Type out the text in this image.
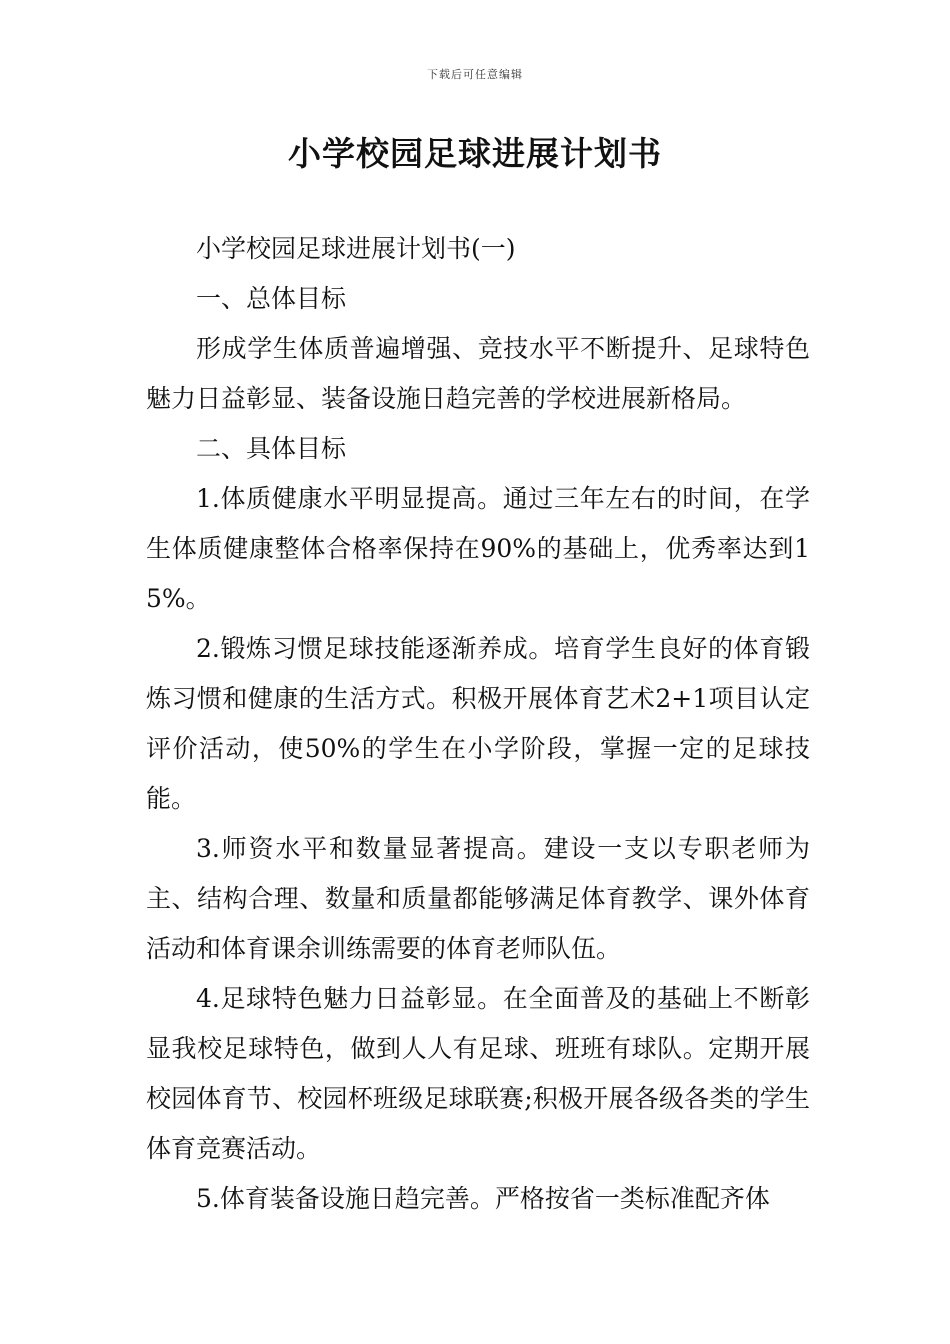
下载后可任意编辑
小学校园足球进展计划书

小学校园足球进展计划书(一)

一、总体目标

形成学生体质普遍增强、竞技水平不断提升、足球特色魅力日益彰显、装备设施日趋完善的学校进展新格局。

二、具体目标

1.体质健康水平明显提高。通过三年左右的时间，在学生体质健康整体合格率保持在90%的基础上，优秀率达到15%。

2.锻炼习惯足球技能逐渐养成。培育学生良好的体育锻炼习惯和健康的生活方式。积极开展体育艺术2+1项目认定评价活动，使50%的学生在小学阶段，掌握一定的足球技能。

3.师资水平和数量显著提高。建设一支以专职老师为主、结构合理、数量和质量都能够满足体育教学、课外体育活动和体育课余训练需要的体育老师队伍。

4.足球特色魅力日益彰显。在全面普及的基础上不断彰显我校足球特色，做到人人有足球、班班有球队。定期开展校园体育节、校园杯班级足球联赛;积极开展各级各类的学生体育竞赛活动。

5.体育装备设施日趋完善。严格按省一类标准配齐体
